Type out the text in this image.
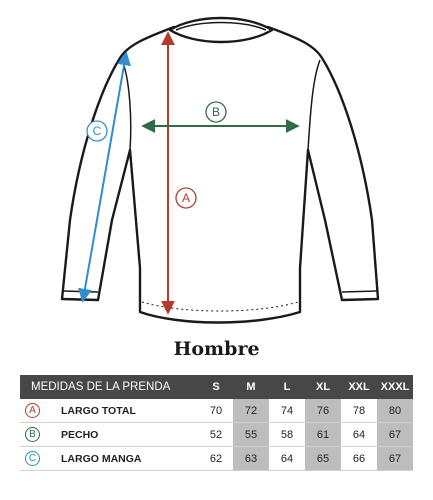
A
B
C
Hombre
MEDIDAS DE LA PRENDA		S	M	L	XL	XXL	XXXL
A	LARGO TOTAL	70	72	74	76	78	80
B	PECHO	52	55	58	61	64	67
C	LARGO MANGA	62	63	64	65	66	67
